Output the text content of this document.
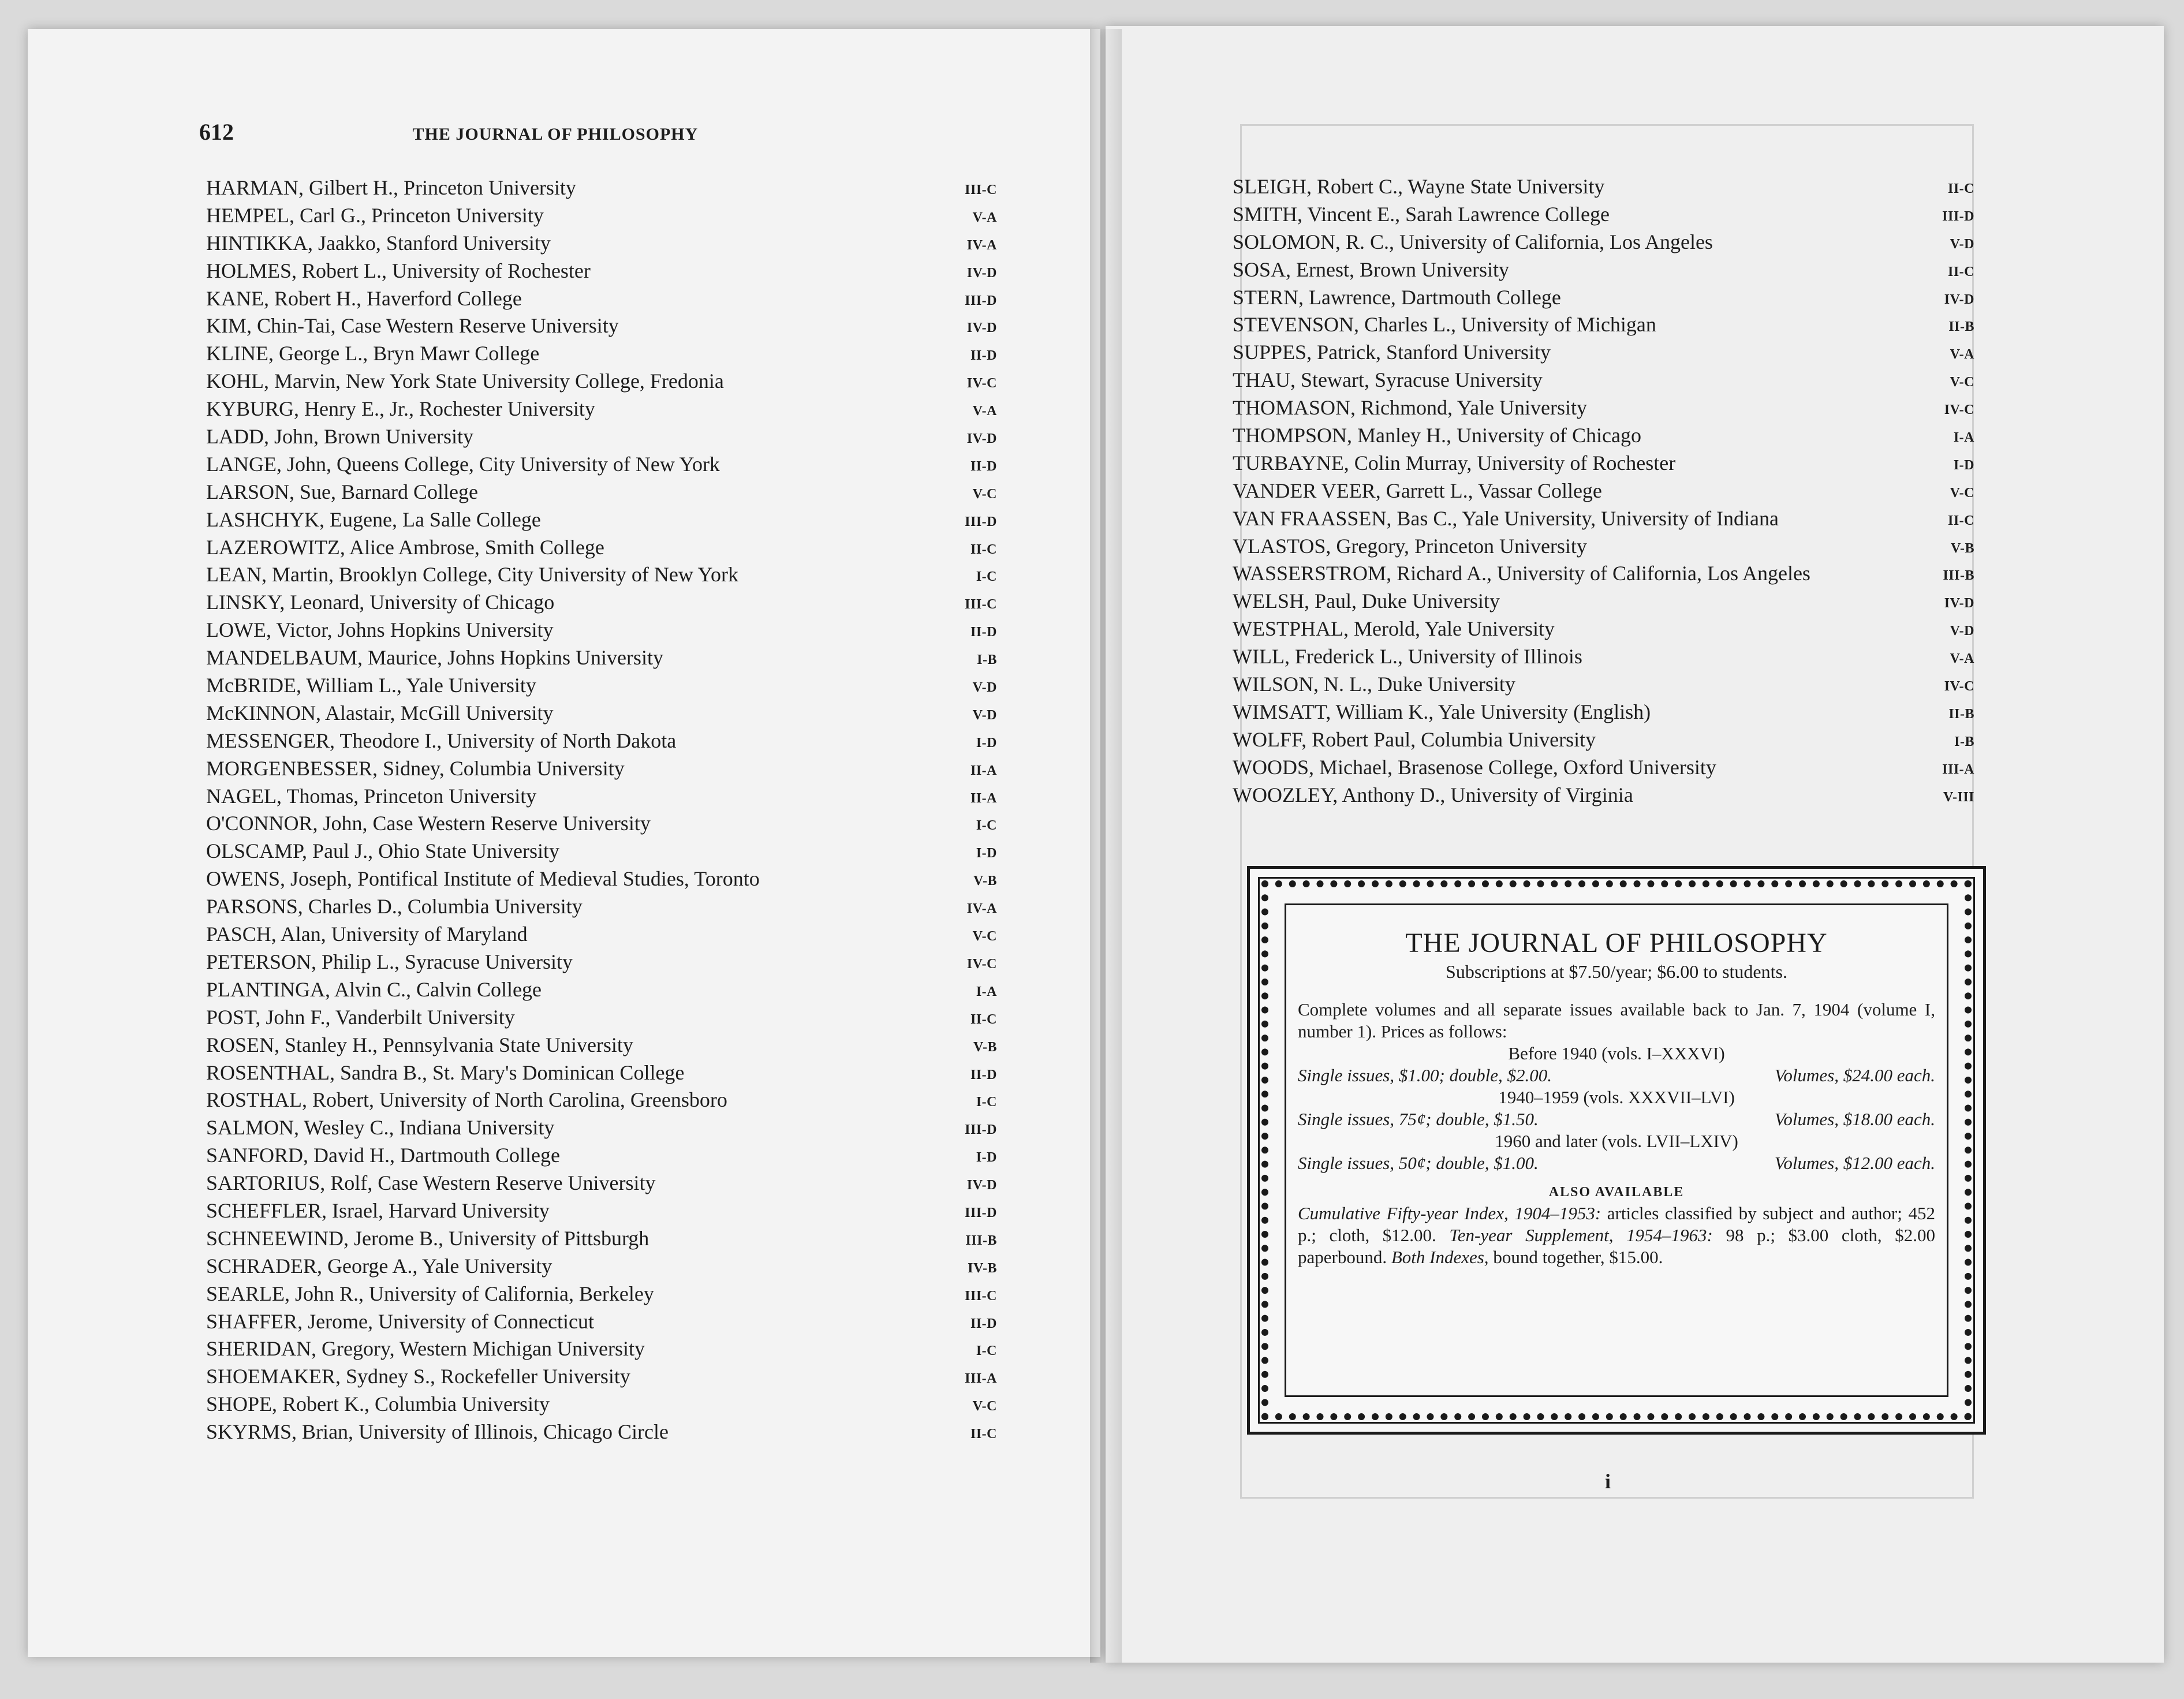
612	THE JOURNAL OF PHILOSOPHY
HARMAN, Gilbert H., Princeton University	III-C
HEMPEL, Carl G., Princeton University	V-A
HINTIKKA, Jaakko, Stanford University	IV-A
HOLMES, Robert L., University of Rochester	IV-D
KANE, Robert H., Haverford College	III-D
KIM, Chin-Tai, Case Western Reserve University	IV-D
KLINE, George L., Bryn Mawr College	II-D
KOHL, Marvin, New York State University College, Fredonia	IV-C
KYBURG, Henry E., Jr., Rochester University	V-A
LADD, John, Brown University	IV-D
LANGE, John, Queens College, City University of New York	II-D
LARSON, Sue, Barnard College	V-C
LASHCHYK, Eugene, La Salle College	III-D
LAZEROWITZ, Alice Ambrose, Smith College	II-C
LEAN, Martin, Brooklyn College, City University of New York	I-C
LINSKY, Leonard, University of Chicago	III-C
LOWE, Victor, Johns Hopkins University	II-D
MANDELBAUM, Maurice, Johns Hopkins University	I-B
McBRIDE, William L., Yale University	V-D
McKINNON, Alastair, McGill University	V-D
MESSENGER, Theodore I., University of North Dakota	I-D
MORGENBESSER, Sidney, Columbia University	II-A
NAGEL, Thomas, Princeton University	II-A
O'CONNOR, John, Case Western Reserve University	I-C
OLSCAMP, Paul J., Ohio State University	I-D
OWENS, Joseph, Pontifical Institute of Medieval Studies, Toronto	V-B
PARSONS, Charles D., Columbia University	IV-A
PASCH, Alan, University of Maryland	V-C
PETERSON, Philip L., Syracuse University	IV-C
PLANTINGA, Alvin C., Calvin College	I-A
POST, John F., Vanderbilt University	II-C
ROSEN, Stanley H., Pennsylvania State University	V-B
ROSENTHAL, Sandra B., St. Mary's Dominican College	II-D
ROSTHAL, Robert, University of North Carolina, Greensboro	I-C
SALMON, Wesley C., Indiana University	III-D
SANFORD, David H., Dartmouth College	I-D
SARTORIUS, Rolf, Case Western Reserve University	IV-D
SCHEFFLER, Israel, Harvard University	III-D
SCHNEEWIND, Jerome B., University of Pittsburgh	III-B
SCHRADER, George A., Yale University	IV-B
SEARLE, John R., University of California, Berkeley	III-C
SHAFFER, Jerome, University of Connecticut	II-D
SHERIDAN, Gregory, Western Michigan University	I-C
SHOEMAKER, Sydney S., Rockefeller University	III-A
SHOPE, Robert K., Columbia University	V-C
SKYRMS, Brian, University of Illinois, Chicago Circle	II-C
SLEIGH, Robert C., Wayne State University	II-C
SMITH, Vincent E., Sarah Lawrence College	III-D
SOLOMON, R. C., University of California, Los Angeles	V-D
SOSA, Ernest, Brown University	II-C
STERN, Lawrence, Dartmouth College	IV-D
STEVENSON, Charles L., University of Michigan	II-B
SUPPES, Patrick, Stanford University	V-A
THAU, Stewart, Syracuse University	V-C
THOMASON, Richmond, Yale University	IV-C
THOMPSON, Manley H., University of Chicago	I-A
TURBAYNE, Colin Murray, University of Rochester	I-D
VANDER VEER, Garrett L., Vassar College	V-C
VAN FRAASSEN, Bas C., Yale University, University of Indiana	II-C
VLASTOS, Gregory, Princeton University	V-B
WASSERSTROM, Richard A., University of California, Los Angeles	III-B
WELSH, Paul, Duke University	IV-D
WESTPHAL, Merold, Yale University	V-D
WILL, Frederick L., University of Illinois	V-A
WILSON, N. L., Duke University	IV-C
WIMSATT, William K., Yale University (English)	II-B
WOLFF, Robert Paul, Columbia University	I-B
WOODS, Michael, Brasenose College, Oxford University	III-A
WOOZLEY, Anthony D., University of Virginia	V-III
THE JOURNAL OF PHILOSOPHY
Subscriptions at $7.50/year; $6.00 to students.
Complete volumes and all separate issues available back to Jan. 7, 1904 (volume I, number 1). Prices as follows:
Before 1940 (vols. I–XXXVI)
Single issues, $1.00; double, $2.00.	Volumes, $24.00 each.
1940–1959 (vols. XXXVII–LVI)
Single issues, 75¢; double, $1.50.	Volumes, $18.00 each.
1960 and later (vols. LVII–LXIV)
Single issues, 50¢; double, $1.00.	Volumes, $12.00 each.
ALSO AVAILABLE
Cumulative Fifty-year Index, 1904–1953: articles classified by subject and author; 452 p.; cloth, $12.00. Ten-year Supplement, 1954–1963: 98 p.; $3.00 cloth, $2.00 paperbound. Both Indexes, bound together, $15.00.
i
